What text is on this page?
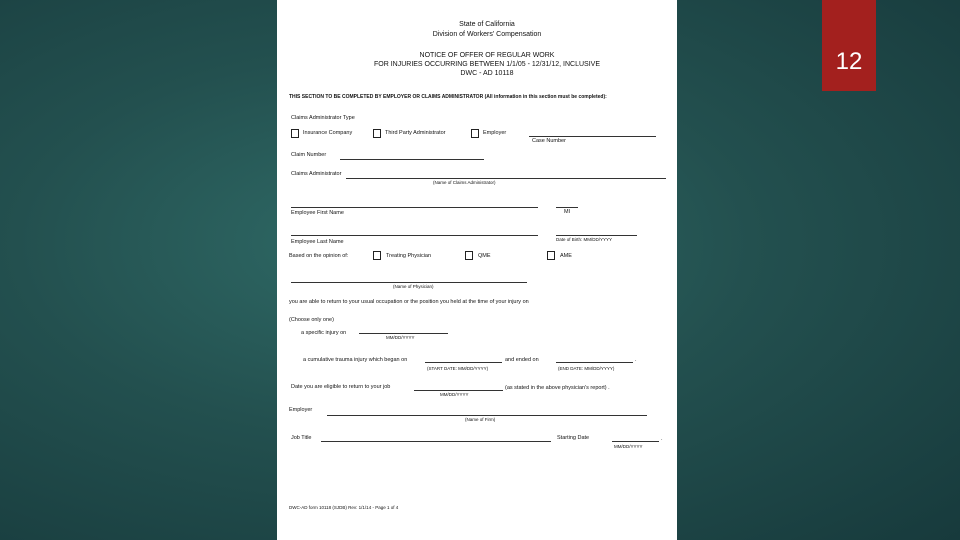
12
State of California
Division of Workers' Compensation
NOTICE OF OFFER OF REGULAR WORK
FOR INJURIES OCCURRING BETWEEN 1/1/05 - 12/31/12, INCLUSIVE
DWC - AD 10118
THIS SECTION TO BE COMPLETED BY EMPLOYER OR CLAIMS ADMINISTRATOR (All information in this section must be completed):
Claims Administrator Type
Insurance Company	Third Party Administrator	Employer
Case Number
Claim Number
Claims Administrator
(Name of Claims Administrator)
Employee First Name	MI
Employee Last Name	Date of Birth: MM/DD/YYYY
Based on the opinion of:	Treating Physician	QME	AME
(Name of Physician)
you are able to return to your usual occupation or the position you held at the time of your injury on
(Choose only one)
a specific injury on
MM/DD/YYYY
a cumulative trauma injury which began on	and ended on	.
(START DATE: MM/DD/YYYY)	(END DATE: MM/DD/YYYY)
Date you are eligible to return to your job	(as stated in the above physician's report) .
MM/DD/YYYY
Employer
(Name of Firm)
Job Title	Starting Date	.
MM/DD/YYYY
DWC-AD form 10118 (SJDB) Rev: 1/1/14 - Page 1 of 4
